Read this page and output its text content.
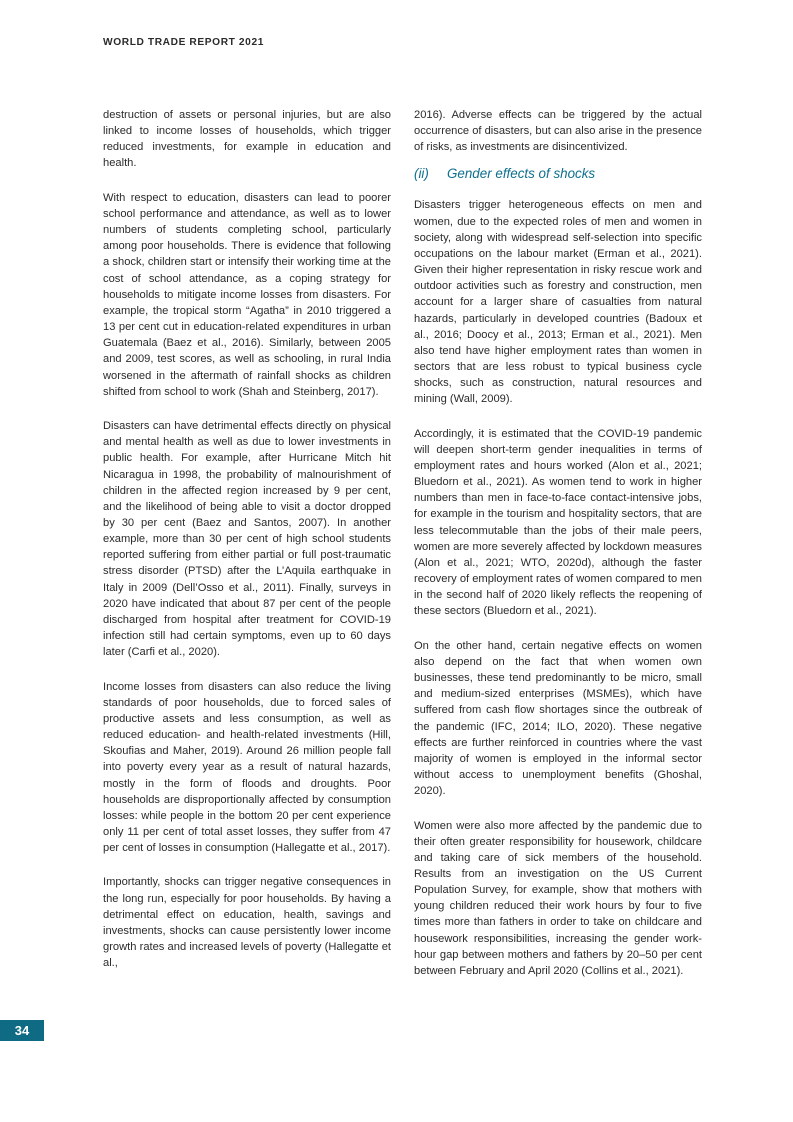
WORLD TRADE REPORT 2021

destruction of assets or personal injuries, but are also linked to income losses of households, which trigger reduced investments, for example in education and health.

With respect to education, disasters can lead to poorer school performance and attendance, as well as to lower numbers of students completing school, particularly among poor households. There is evidence that following a shock, children start or intensify their working time at the cost of school attendance, as a coping strategy for households to mitigate income losses from disasters. For example, the tropical storm “Agatha” in 2010 triggered a 13 per cent cut in education-related expenditures in urban Guatemala (Baez et al., 2016). Similarly, between 2005 and 2009, test scores, as well as schooling, in rural India worsened in the aftermath of rainfall shocks as children shifted from school to work (Shah and Steinberg, 2017).

Disasters can have detrimental effects directly on physical and mental health as well as due to lower investments in public health. For example, after Hurricane Mitch hit Nicaragua in 1998, the probability of malnourishment of children in the affected region increased by 9 per cent, and the likelihood of being able to visit a doctor dropped by 30 per cent (Baez and Santos, 2007). In another example, more than 30 per cent of high school students reported suffering from either partial or full post-traumatic stress disorder (PTSD) after the L’Aquila earthquake in Italy in 2009 (Dell’Osso et al., 2011). Finally, surveys in 2020 have indicated that about 87 per cent of the people discharged from hospital after treatment for COVID-19 infection still had certain symptoms, even up to 60 days later (Carfi et al., 2020).

Income losses from disasters can also reduce the living standards of poor households, due to forced sales of productive assets and less consumption, as well as reduced education- and health-related investments (Hill, Skoufias and Maher, 2019). Around 26 million people fall into poverty every year as a result of natural hazards, mostly in the form of floods and droughts. Poor households are disproportionally affected by consumption losses: while people in the bottom 20 per cent experience only 11 per cent of total asset losses, they suffer from 47 per cent of losses in consumption (Hallegatte et al., 2017).

Importantly, shocks can trigger negative consequences in the long run, especially for poor households. By having a detrimental effect on education, health, savings and investments, shocks can cause persistently lower income growth rates and increased levels of poverty (Hallegatte et al.,

2016). Adverse effects can be triggered by the actual occurrence of disasters, but can also arise in the presence of risks, as investments are disincentivized.

(ii) Gender effects of shocks

Disasters trigger heterogeneous effects on men and women, due to the expected roles of men and women in society, along with widespread self-selection into specific occupations on the labour market (Erman et al., 2021). Given their higher representation in risky rescue work and outdoor activities such as forestry and construction, men account for a larger share of casualties from natural hazards, particularly in developed countries (Badoux et al., 2016; Doocy et al., 2013; Erman et al., 2021). Men also tend have higher employment rates than women in sectors that are less robust to typical business cycle shocks, such as construction, natural resources and mining (Wall, 2009).

Accordingly, it is estimated that the COVID-19 pandemic will deepen short-term gender inequalities in terms of employment rates and hours worked (Alon et al., 2021; Bluedorn et al., 2021). As women tend to work in higher numbers than men in face-to-face contact-intensive jobs, for example in the tourism and hospitality sectors, that are less telecommutable than the jobs of their male peers, women are more severely affected by lockdown measures (Alon et al., 2021; WTO, 2020d), although the faster recovery of employment rates of women compared to men in the second half of 2020 likely reflects the reopening of these sectors (Bluedorn et al., 2021).

On the other hand, certain negative effects on women also depend on the fact that when women own businesses, these tend predominantly to be micro, small and medium-sized enterprises (MSMEs), which have suffered from cash flow shortages since the outbreak of the pandemic (IFC, 2014; ILO, 2020). These negative effects are further reinforced in countries where the vast majority of women is employed in the informal sector without access to unemployment benefits (Ghoshal, 2020).

Women were also more affected by the pandemic due to their often greater responsibility for housework, childcare and taking care of sick members of the household. Results from an investigation on the US Current Population Survey, for example, show that mothers with young children reduced their work hours by four to five times more than fathers in order to take on childcare and housework responsibilities, increasing the gender work-hour gap between mothers and fathers by 20–50 per cent between February and April 2020 (Collins et al., 2021).

34
